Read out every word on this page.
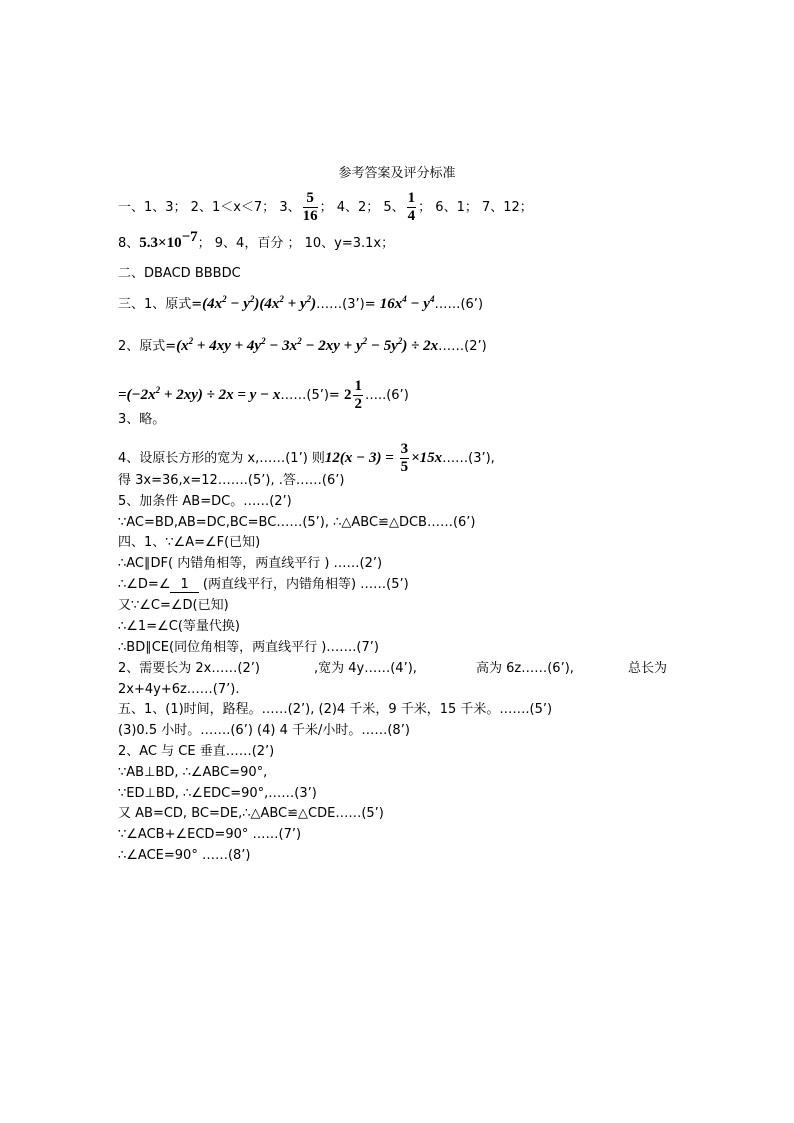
参考答案及评分标准
一、1、3； 2、1＜x＜7； 3、 $\frac{5}{16}$ ； 4、2； 5、 $\frac{1}{4}$ ； 6、1； 7、12；
8、$5.3\times 10^{-7}$； 9、4，百分 ； 10、y=3.1x；
二、DBACD BBBDC
三、1、原式$=(4x^2 - y^2)(4x^2$ + $y^2)\dots\dots(3’)= 16x^4$ − $y^4\dots\dots(6’)$
2、原式$=(x^2 + 4xy + 4y^2 - 3x^2 - 2xy + y^2 - 5y^2)$ ÷ 2x……(2’)
$=(-2x^2 + 2xy) \div 2x = y$ − x……(5’)= $2 \frac{1}{2}$ …..(6’)
3、略。
4、设原长方形的宽为 x,……(1’) 则$12(x - 3) = \frac{3}{5}$ ×15x……(3’),
得 3x=36,x=12…….(5’), .答……(6’)
5、加条件 AB=DC。……(2’)
∵AC=BD,AB=DC,BC=BC……(5’), ∴△ABC≌△DCB……(6’)
四、1、∵∠A=∠F(已知)
∴AC∥DF( 内错角相等，两直线平行 ) ……(2’)
∴∠D=∠ 1 (两直线平行，内错角相等) ……(5’)
又∵∠C=∠D(已知)
∴∠1=∠C(等量代换)
∴BD∥CE(同位角相等，两直线平行 )…….(7’)
2、需要长为 2x……(2’)	,宽为 4y……(4’),	高为 6z……(6’),	总长为
2x+4y+6z……(7’).
五、1、(1)时间，路程。……(2’), (2)4 千米，9 千米，15 千米。…….(5’)
(3)0.5 小时。…….(6’) (4) 4 千米/小时。……(8’)
2、AC 与 CE 垂直……(2’)
∵AB⊥BD, ∴∠ABC=90°,
∵ED⊥BD, ∴∠EDC=90°,……(3’)
又 AB=CD, BC=DE,∴△ABC≌△CDE……(5’)
∵∠ACB+∠ECD=90° ……(7’)
∴∠ACE=90° ……(8’)
